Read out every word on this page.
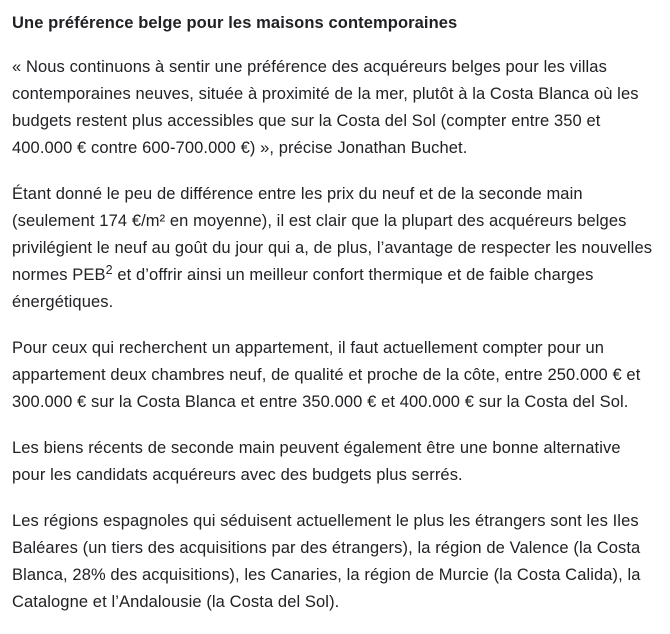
Une préférence belge pour les maisons contemporaines

« Nous continuons à sentir une préférence des acquéreurs belges pour les villas contemporaines neuves, située à proximité de la mer, plutôt à la Costa Blanca où les budgets restent plus accessibles que sur la Costa del Sol (compter entre 350 et 400.000 € contre 600-700.000 €) », précise Jonathan Buchet.

Étant donné le peu de différence entre les prix du neuf et de la seconde main (seulement 174 €/m² en moyenne), il est clair que la plupart des acquéreurs belges privilégient le neuf au goût du jour qui a, de plus, l’avantage de respecter les nouvelles normes PEB$^2$ et d’offrir ainsi un meilleur confort thermique et de faible charges énergétiques.

Pour ceux qui recherchent un appartement, il faut actuellement compter pour un appartement deux chambres neuf, de qualité et proche de la côte, entre 250.000 € et 300.000 € sur la Costa Blanca et entre 350.000 € et 400.000 € sur la Costa del Sol.

Les biens récents de seconde main peuvent également être une bonne alternative pour les candidats acquéreurs avec des budgets plus serrés.

Les régions espagnoles qui séduisent actuellement le plus les étrangers sont les Iles Baléares (un tiers des acquisitions par des étrangers), la région de Valence (la Costa Blanca, 28% des acquisitions), les Canaries, la région de Murcie (la Costa Calida), la Catalogne et l’Andalousie (la Costa del Sol).
